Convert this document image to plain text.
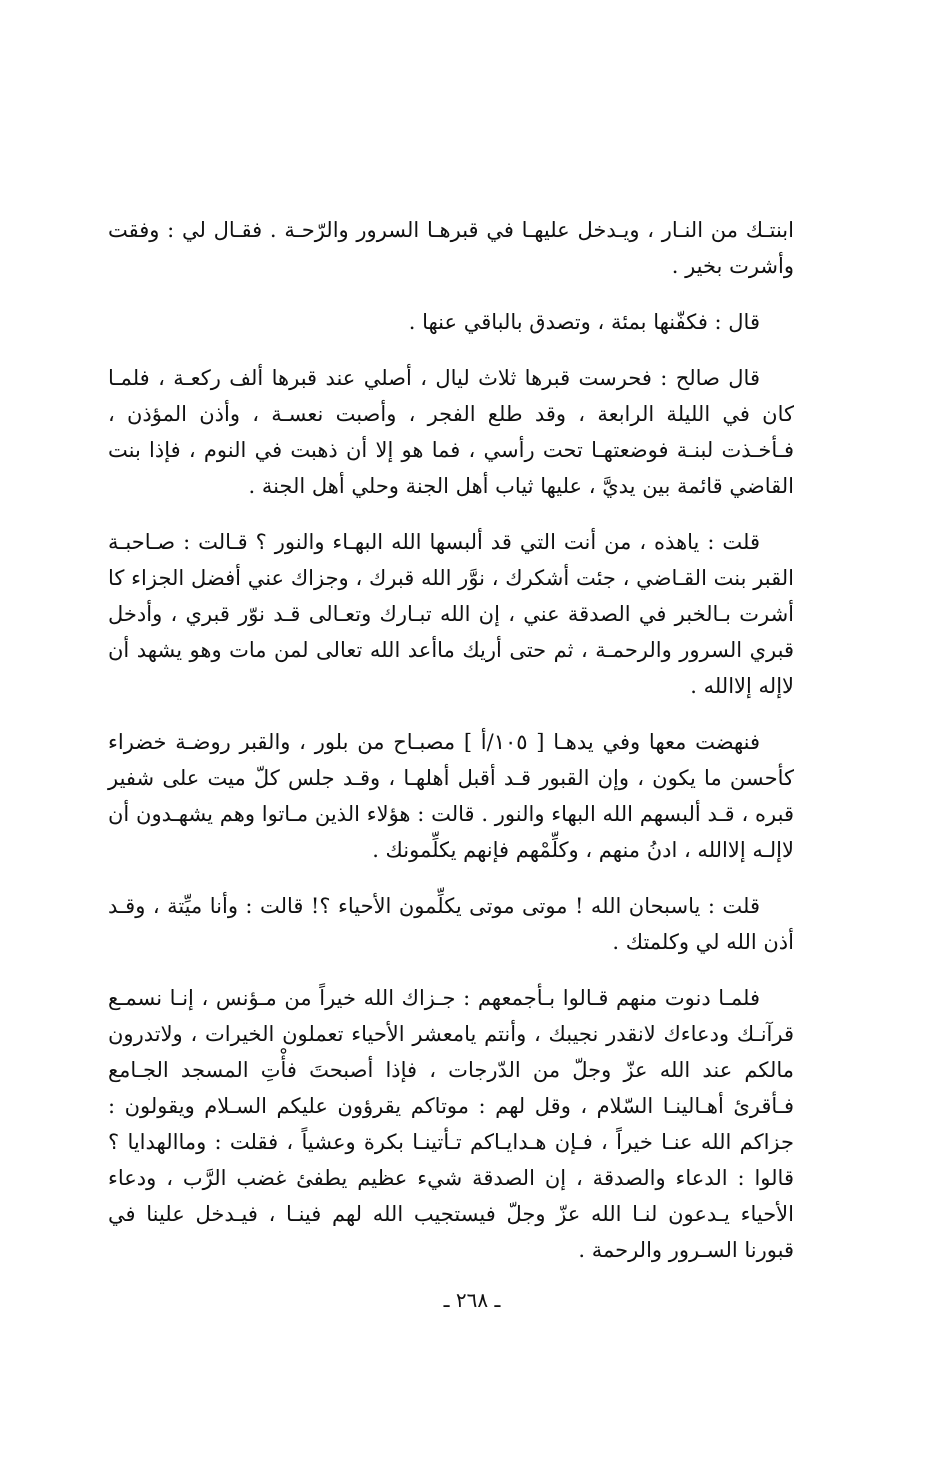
ابنتـك من النـار ، ويـدخل عليهـا في قبرهـا السرور والرّحـة . فقـال لي : وفقت وأشرت بخير .

قال : فكفّنها بمئة ، وتصدق بالباقي عنها .

قال صالح : فحرست قبرها ثلاث ليال ، أصلي عند قبرها ألف ركعـة ، فلمـا كان في الليلة الرابعة ، وقد طلع الفجر ، وأصبت نعسـة ، وأذن المؤذن ، فـأخـذت لبنـة فوضعتهـا تحت رأسي ، فما هو إلا أن ذهبت في النوم ، فإذا بنت القاضي قائمة بين يديَّ ، عليها ثياب أهل الجنة وحلي أهل الجنة .

قلت : ياهذه ، من أنت التي قد ألبسها الله البهـاء والنور ؟ قـالت : صـاحبـة القبر بنت القـاضي ، جئت أشكرك ، نوَّر الله قبرك ، وجزاك عني أفضل الجزاء كا أشرت بـالخبر في الصدقة عني ، إن الله تبـارك وتعـالى قـد نوّر قبري ، وأدخل قبري السرور والرحمـة ، ثم حتى أريك ماأعد الله تعالى لمن مات وهو يشهد أن لاإله إلاالله .

فنهضت معها وفي يدهـا [ ١٠٥/أ ] مصبـاح من بلور ، والقبر روضـة خضراء كأحسن ما يكون ، وإن القبور قـد أقبل أهلهـا ، وقـد جلس كلّ ميت على شفير قبره ، قـد ألبسهم الله البهاء والنور . قالت : هؤلاء الذين مـاتوا وهم يشهـدون أن لاإلـه إلاالله ، ادنُ منهم ، وكلِّمْهم فإنهم يكلِّمونك .

قلت : ياسبحان الله ! موتى موتى يكلِّمون الأحياء ؟! قالت : وأنا ميِّتة ، وقـد أذن الله لي وكلمتك .

فلمـا دنوت منهم قـالوا بـأجمعهم : جـزاك الله خيراً من مـؤنس ، إنـا نسمـع قرآنـك ودعاءك لانقدر نجيبك ، وأنتم يامعشر الأحياء تعملون الخيرات ، ولاتدرون مالكم عند الله عزّ وجلّ من الدّرجات ، فإذا أصبحتَ فأْتِ المسجد الجـامع فـأقرئ أهـالينـا السّلام ، وقل لهم : موتاكم يقرؤون عليكم السـلام ويقولون : جزاكم الله عنـا خيراً ، فـإن هـدايـاكم تـأتينـا بكرة وعشياً ، فقلت : وماالهدايا ؟ قالوا : الدعاء والصدقة ، إن الصدقة شيء عظيم يطفئ غضب الرَّب ، ودعاء الأحياء يـدعون لنـا الله عزّ وجلّ فيستجيب الله لهم فينـا ، فيـدخل علينا في قبورنا السـرور والرحمة .

ـ ٢٦٨ ـ
